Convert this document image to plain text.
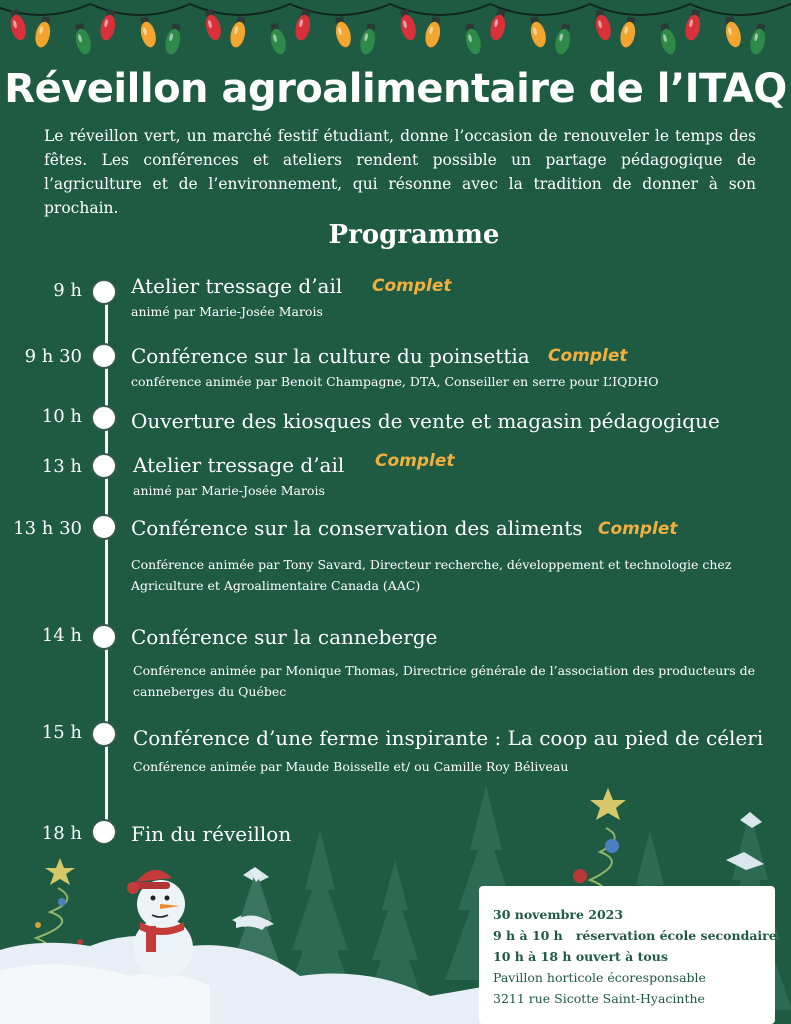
Réveillon agroalimentaire de l’ITAQ

Le réveillon vert, un marché festif étudiant, donne l’occasion de renouveler le temps des fêtes. Les conférences et ateliers rendent possible un partage pédagogique de l’agriculture et de l’environnement, qui résonne avec la tradition de donner à son prochain.

Programme
9 h Atelier tressage d’ail Complet
animé par Marie-Josée Marois
9 h 30 Conférence sur la culture du poinsettia Complet
conférence animée par Benoit Champagne, DTA, Conseiller en serre pour L’IQDHO
10 h Ouverture des kiosques de vente et magasin pédagogique
13 h	Atelier tressage d’ail Complet
animé par Marie-Josée Marois
13 h 30 Conférence sur la conservation des aliments Complet
Conférence animée par Tony Savard, Directeur recherche, développement et technologie chez Agriculture et Agroalimentaire Canada (AAC)
14 h Conférence sur la canneberge
Conférence animée par Monique Thomas, Directrice générale de l’association des producteurs de canneberges du Québec
15 h	Conférence d’une ferme inspirante : La coop au pied de céleri
Conférence animée par Maude Boisselle et/ ou Camille Roy Béliveau
18 h Fin du réveillon
30 novembre 2023
9 h à 10 h   réservation école secondaire
10 h à 18 h ouvert à tous
Pavillon horticole écoresponsable
3211 rue Sicotte Saint-Hyacinthe
